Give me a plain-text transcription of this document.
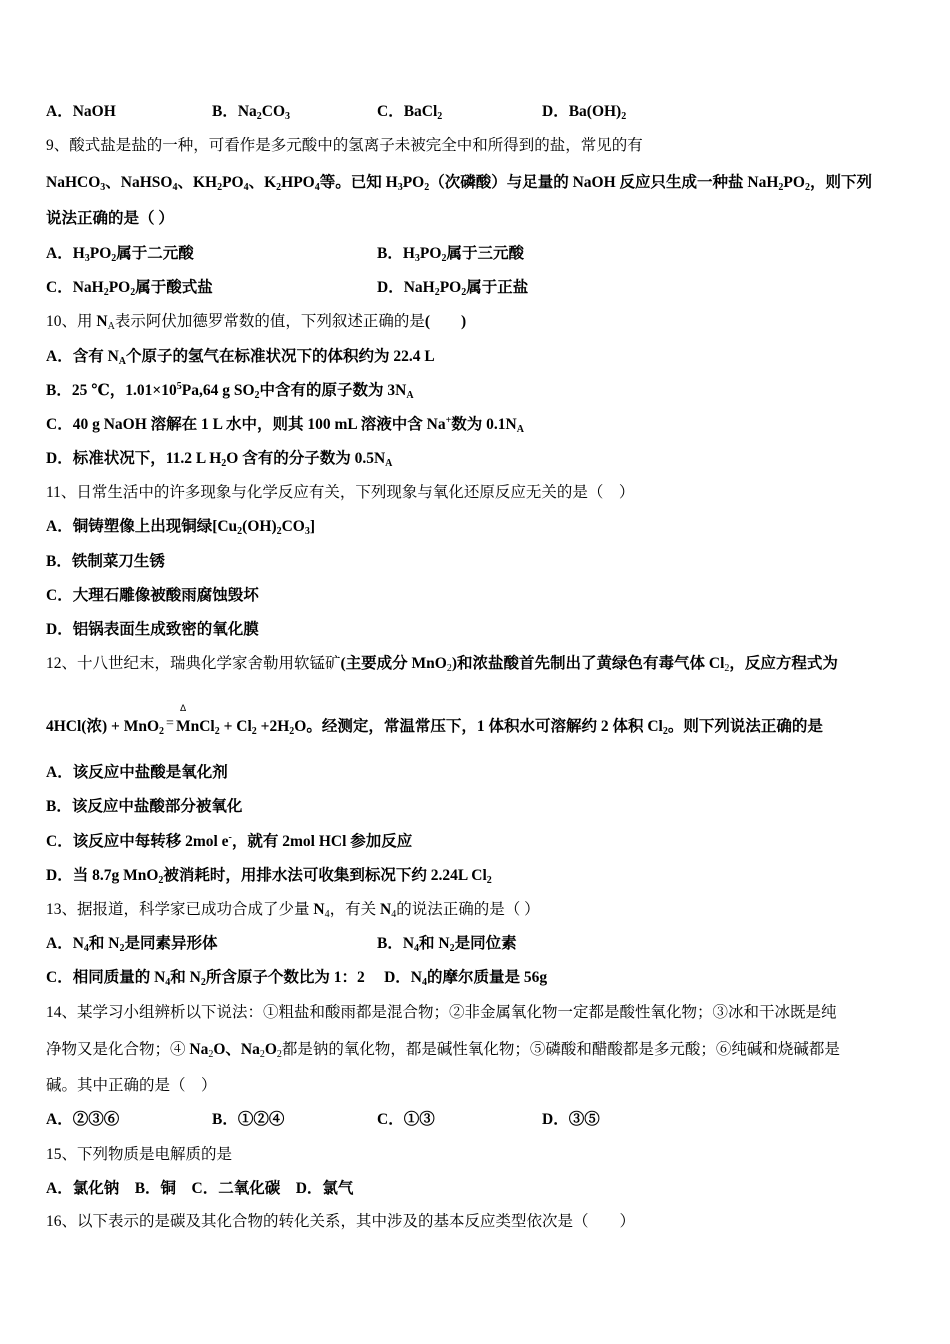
A．NaOH	B．$Na_2CO_3$	C．BaCl$_2$	D．$Ba(OH)_2$
9、酸式盐是盐的一种，可看作是多元酸中的氢离子未被完全中和所得到的盐，常见的有
NaHCO$_3$、NaHSO$_4$、$KH_2PO_4$、$K_2HPO_4$等。已知 $H_3PO_2$（次磷酸）与足量的 NaOH 反应只生成一种盐 $NaH_2PO_2$，则下列
说法正确的是（ ）
A．$H_3PO_2$属于二元酸	B．$H_3PO_2$属于三元酸
C．$NaH_2PO_2$属于酸式盐	D．$NaH_2PO_2$属于正盐
10、用 $N_A$表示阿伏加德罗常数的值，下列叙述正确的是(　　)
A．含有 $N_A$个原子的氢气在标准状况下的体积约为 22.4 L
B．25 ℃，$1.01\times 10^5Pa,64$ g $SO_2$中含有的原子数为 $3N_A$
C．40 g NaOH 溶解在 1 L 水中，则其 100 mL 溶液中含 Na+数为 $0.1N_A$
D．标准状况下，11.2 L $H_2O$ 含有的分子数为 $0.5N_A$
11、日常生活中的许多现象与化学反应有关，下列现象与氧化还原反应无关的是（　）
A．铜铸塑像上出现铜绿$[Cu_2(OH)_2CO_3]$
B．铁制菜刀生锈
C．大理石雕像被酸雨腐蚀毁坏
D．铝锅表面生成致密的氧化膜
12、十八世纪末，瑞典化学家舍勒用软锰矿(主要成分 MnO$_2$)和浓盐酸首先制出了黄绿色有毒气体 $Cl_2$，反应方程式为
Δ
4HCl(浓) + MnO$_2$= MnCl$_2$ + $Cl_2 +2H_2O$。经测定，常温常压下，1 体积水可溶解约 2 体积 $Cl_2$。则下列说法正确的是
A．该反应中盐酸是氧化剂
B．该反应中盐酸部分被氧化
C．该反应中每转移 2mol e-，就有 2mol HCl 参加反应
D．当 8.7g MnO$_2$被消耗时，用排水法可收集到标况下约 2.24L $Cl_2$
13、据报道，科学家已成功合成了少量 $N_4$，有关 $N_4$的说法正确的是（ ）
A．$N_4$和 $N_2$是同素异形体	B．$N_4$和 $N_2$是同位素
C．相同质量的 $N_4$和 $N_2$所含原子个数比为 1：2　 D．$N_4$的摩尔质量是 56g
14、某学习小组辨析以下说法：①粗盐和酸雨都是混合物；②非金属氧化物一定都是酸性氧化物；③冰和干冰既是纯
净物又是化合物；④ $Na_2O$、$Na_2O_2$都是钠的氧化物，都是碱性氧化物；⑤磷酸和醋酸都是多元酸；⑥纯碱和烧碱都是
碱。其中正确的是（　）
A．②③⑥	B．①②④	C．①③	D．③⑤
15、下列物质是电解质的是
A．氯化钠　B．铜　C．二氧化碳　D．氯气
16、以下表示的是碳及其化合物的转化关系，其中涉及的基本反应类型依次是（　　）
